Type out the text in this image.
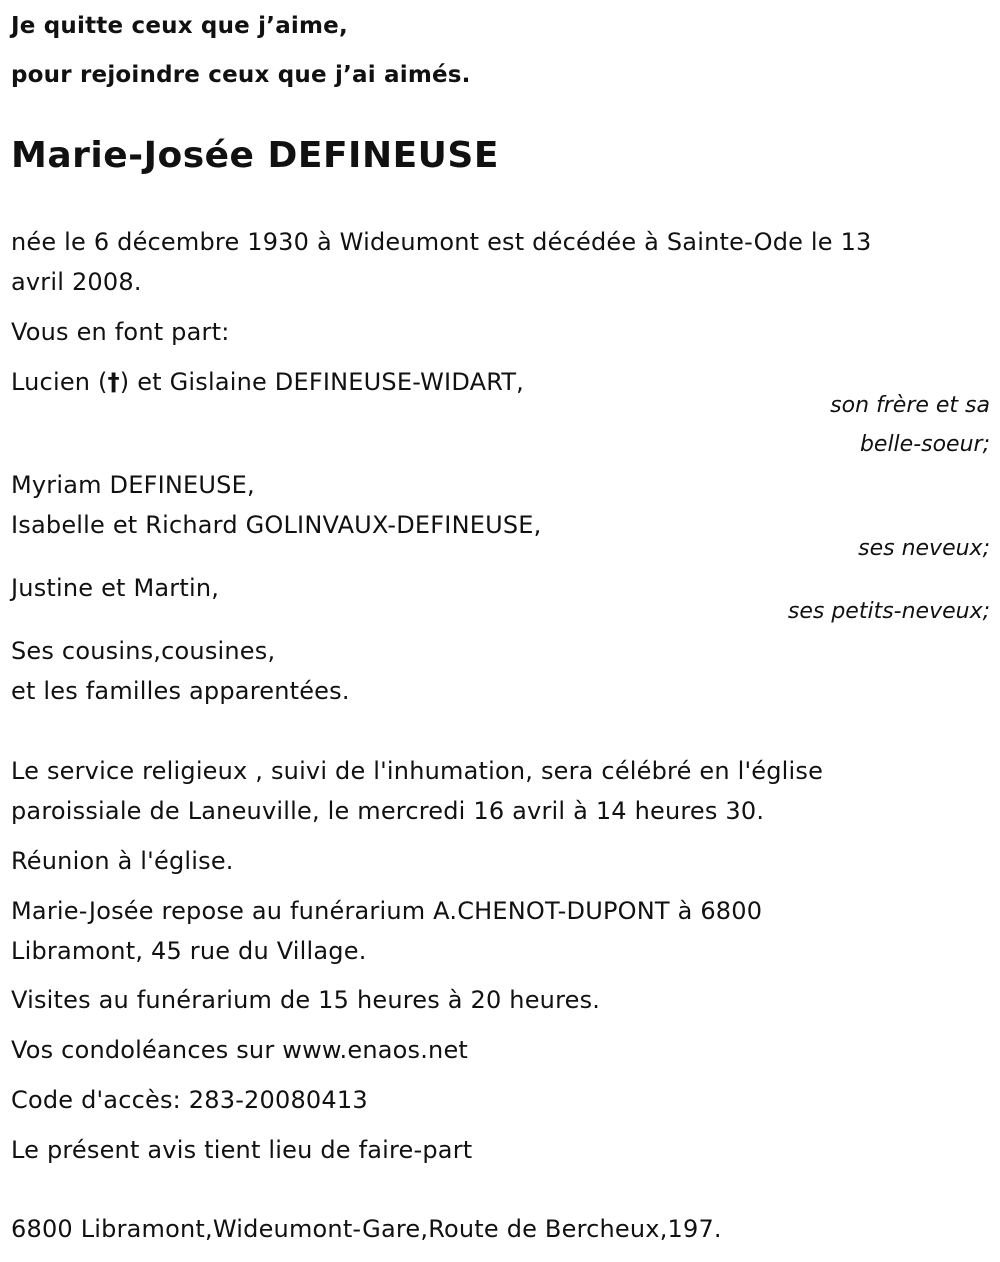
Je quitte ceux que j’aime,
pour rejoindre ceux que j’ai aimés.
Marie-Josée DEFINEUSE
née le 6 décembre 1930 à Wideumont est décédée à Sainte-Ode le 13
avril 2008.
Vous en font part:
Lucien (†) et Gislaine DEFINEUSE-WIDART,
son frère et sa
belle-soeur;
Myriam DEFINEUSE,
Isabelle et Richard GOLINVAUX-DEFINEUSE,
ses neveux;
Justine et Martin,
ses petits-neveux;
Ses cousins,cousines,
et les familles apparentées.
Le service religieux , suivi de l'inhumation, sera célébré en l'église
paroissiale de Laneuville, le mercredi 16 avril à 14 heures 30.
Réunion à l'église.
Marie-Josée repose au funérarium A.CHENOT-DUPONT à 6800
Libramont, 45 rue du Village.
Visites au funérarium de 15 heures à 20 heures.
Vos condoléances sur www.enaos.net
Code d'accès: 283-20080413
Le présent avis tient lieu de faire-part
6800 Libramont,Wideumont-Gare,Route de Bercheux,197.
